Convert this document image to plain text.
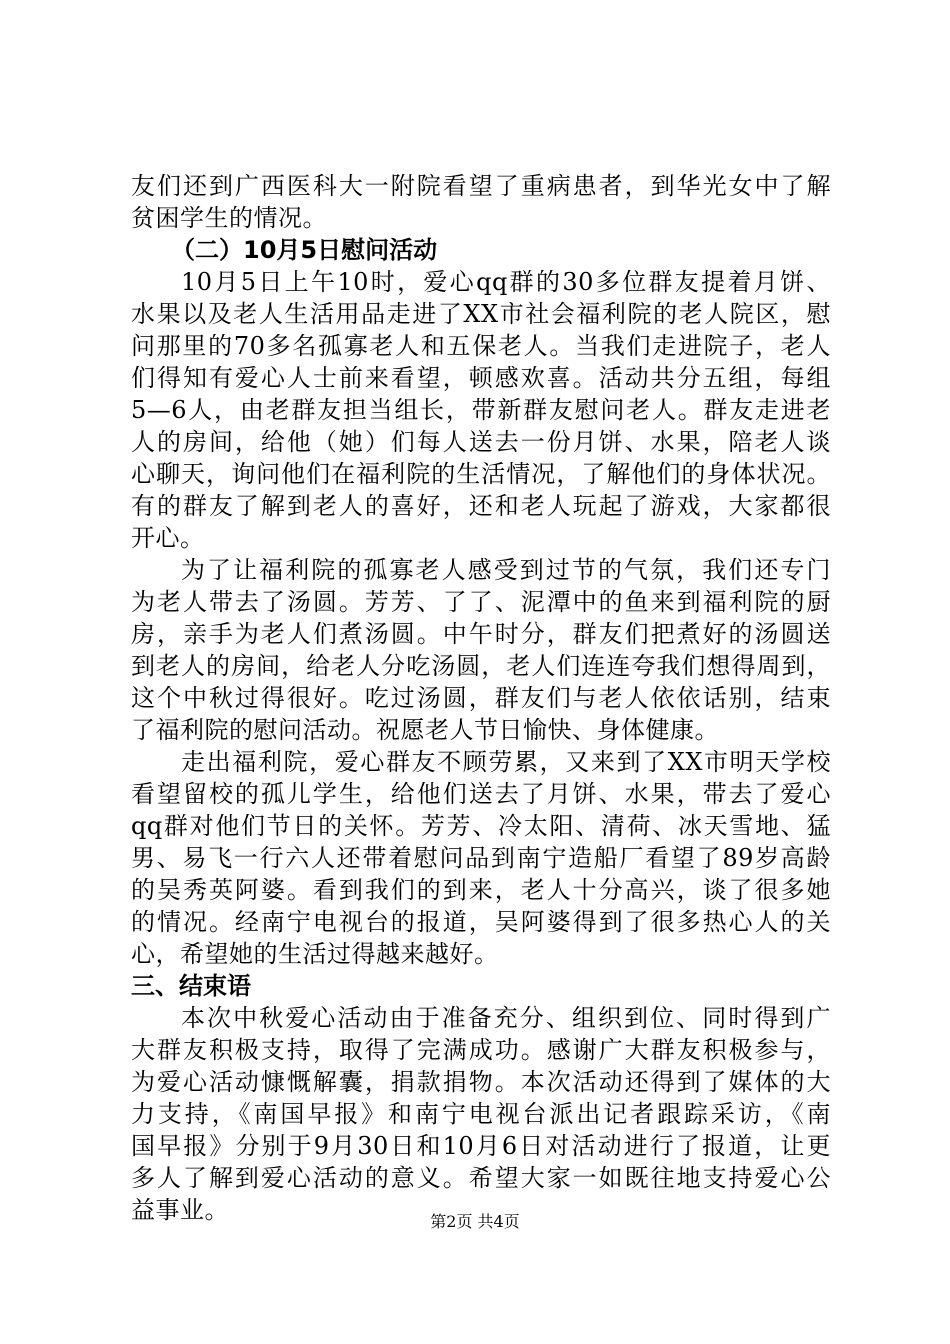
友们还到广西医科大一附院看望了重病患者，到华光女中了解
贫困学生的情况。
（二）10月5日慰问活动
10月5日上午10时，爱心qq群的30多位群友提着月饼、
水果以及老人生活用品走进了XX市社会福利院的老人院区，慰
问那里的70多名孤寡老人和五保老人。当我们走进院子，老人
们得知有爱心人士前来看望，顿感欢喜。活动共分五组，每组
5—6人，由老群友担当组长，带新群友慰问老人。群友走进老
人的房间，给他（她）们每人送去一份月饼、水果，陪老人谈
心聊天，询问他们在福利院的生活情况，了解他们的身体状况。
有的群友了解到老人的喜好，还和老人玩起了游戏，大家都很
开心。
为了让福利院的孤寡老人感受到过节的气氛，我们还专门
为老人带去了汤圆。芳芳、了了、泥潭中的鱼来到福利院的厨
房，亲手为老人们煮汤圆。中午时分，群友们把煮好的汤圆送
到老人的房间，给老人分吃汤圆，老人们连连夸我们想得周到，
这个中秋过得很好。吃过汤圆，群友们与老人依依话别，结束
了福利院的慰问活动。祝愿老人节日愉快、身体健康。
走出福利院，爱心群友不顾劳累，又来到了XX市明天学校
看望留校的孤儿学生，给他们送去了月饼、水果，带去了爱心
qq群对他们节日的关怀。芳芳、冷太阳、清荷、冰天雪地、猛
男、易飞一行六人还带着慰问品到南宁造船厂看望了89岁高龄
的吴秀英阿婆。看到我们的到来，老人十分高兴，谈了很多她
的情况。经南宁电视台的报道，吴阿婆得到了很多热心人的关
心，希望她的生活过得越来越好。
三、结束语
本次中秋爱心活动由于准备充分、组织到位、同时得到广
大群友积极支持，取得了完满成功。感谢广大群友积极参与，
为爱心活动慷慨解囊，捐款捐物。本次活动还得到了媒体的大
力支持，《南国早报》和南宁电视台派出记者跟踪采访，《南
国早报》分别于9月30日和10月6日对活动进行了报道，让更
多人了解到爱心活动的意义。希望大家一如既往地支持爱心公
益事业。	第2页 共4页
